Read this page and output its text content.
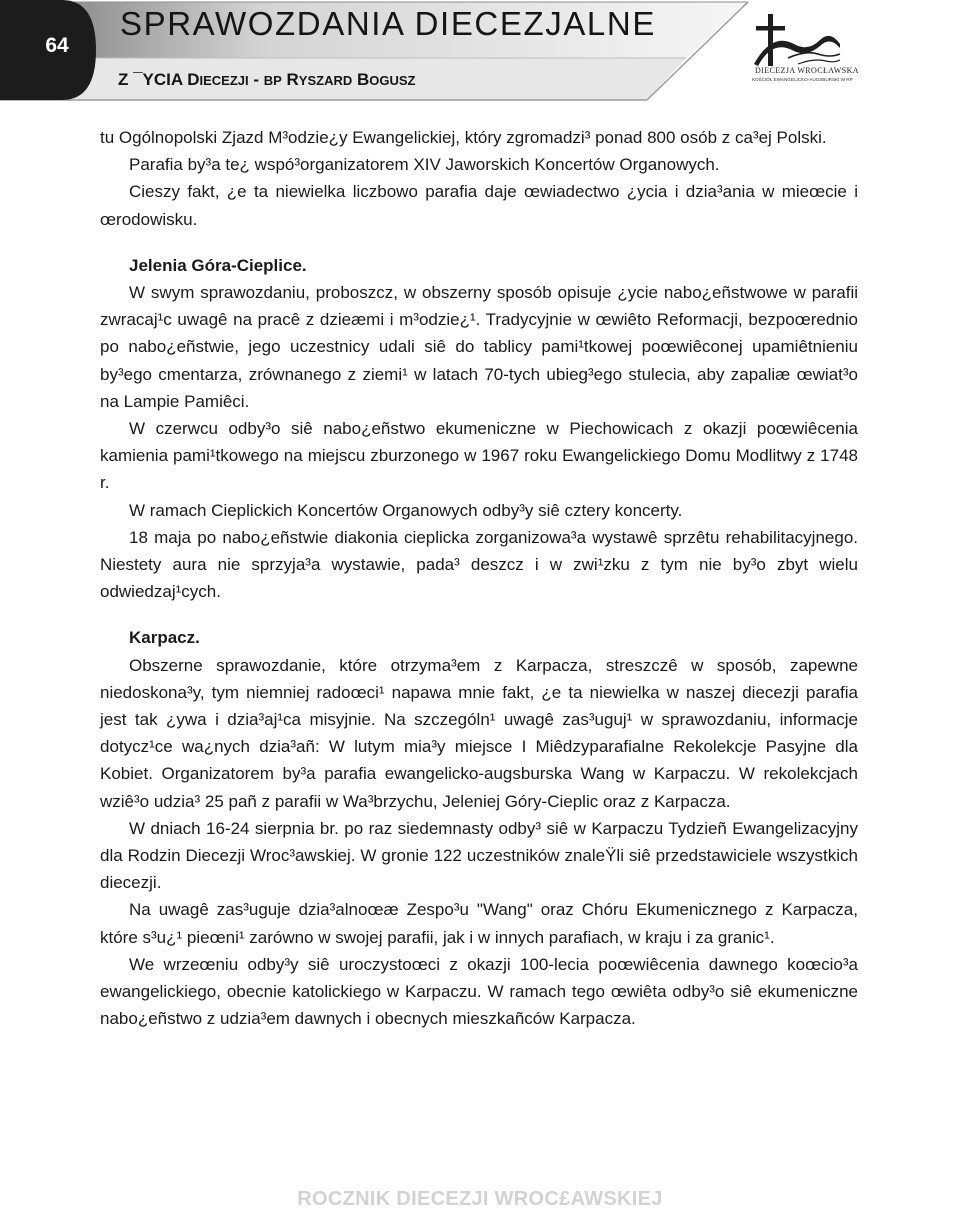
64
SPRAWOZDANIA DIECEZJALNE
Z ¯YCIA DIECEZJI - BP RYSZARD BOGUSZ
DIECEZJA WROCŁAWSKA
KOŚCIÓŁ EWANGELICKO-AUGSBURSKI W RP

tu Ogólnopolski Zjazd M³odzie¿y Ewangelickiej, który zgromadzi³ ponad 800 osób z ca³ej Polski.

Parafia by³a te¿ wspó³organizatorem XIV Jaworskich Koncertów Organowych.

Cieszy fakt, ¿e ta niewielka liczbowo parafia daje œwiadectwo ¿ycia i dzia³ania w mieœcie i œrodowisku.

Jelenia Góra-Cieplice.

W swym sprawozdaniu, proboszcz, w obszerny sposób opisuje ¿ycie nabo¿eñstwowe w parafii zwracaj¹c uwagê na pracê z dzieæmi i m³odzie¿¹. Tradycyjnie w œwiêto Reformacji, bezpoœrednio po nabo¿eñstwie, jego uczestnicy udali siê do tablicy pami¹tkowej poœwiêconej upamiêtnieniu by³ego cmentarza, zrównanego z ziemi¹ w latach 70-tych ubieg³ego stulecia, aby zapaliæ œwiat³o na Lampie Pamiêci.

W czerwcu odby³o siê nabo¿eñstwo ekumeniczne w Piechowicach z okazji poœwiêcenia kamienia pami¹tkowego na miejscu zburzonego w 1967 roku Ewangelickiego Domu Modlitwy z 1748 r.

W ramach Cieplickich Koncertów Organowych odby³y siê cztery koncerty.

18 maja po nabo¿eñstwie diakonia cieplicka zorganizowa³a wystawê sprzêtu rehabilitacyjnego. Niestety aura nie sprzyja³a wystawie, pada³ deszcz i w zwi¹zku z tym nie by³o zbyt wielu odwiedzaj¹cych.

Karpacz.

Obszerne sprawozdanie, które otrzyma³em z Karpacza, streszczê w sposób, zapewne niedoskona³y, tym niemniej radoœci¹ napawa mnie fakt, ¿e ta niewielka w naszej diecezji parafia jest tak ¿ywa i dzia³aj¹ca misyjnie. Na szczególn¹ uwagê zas³uguj¹ w sprawozdaniu, informacje dotycz¹ce wa¿nych dzia³añ: W lutym mia³y miejsce I Miêdzyparafialne Rekolekcje Pasyjne dla Kobiet. Organizatorem by³a parafia ewangelicko-augsburska Wang w Karpaczu. W rekolekcjach wziê³o udzia³ 25 pañ z parafii w Wa³brzychu, Jeleniej Góry-Cieplic oraz z Karpacza.

W dniach 16-24 sierpnia br. po raz siedemnasty odby³ siê w Karpaczu Tydzieñ Ewangelizacyjny dla Rodzin Diecezji Wroc³awskiej. W gronie 122 uczestników znaleŸli siê przedstawiciele wszystkich diecezji.

Na uwagê zas³uguje dzia³alnoœæ Zespo³u "Wang" oraz Chóru Ekumenicznego z Karpacza, które s³u¿¹ pieœni¹ zarówno w swojej parafii, jak i w innych parafiach, w kraju i za granic¹.

We wrzeœniu odby³y siê uroczystoœci z okazji 100-lecia poœwiêcenia dawnego koœcio³a ewangelickiego, obecnie katolickiego w Karpaczu. W ramach tego œwiêta odby³o siê ekumeniczne nabo¿eñstwo z udzia³em dawnych i obecnych mieszkañców Karpacza.

ROCZNIK DIECEZJI WROC£AWSKIEJ
